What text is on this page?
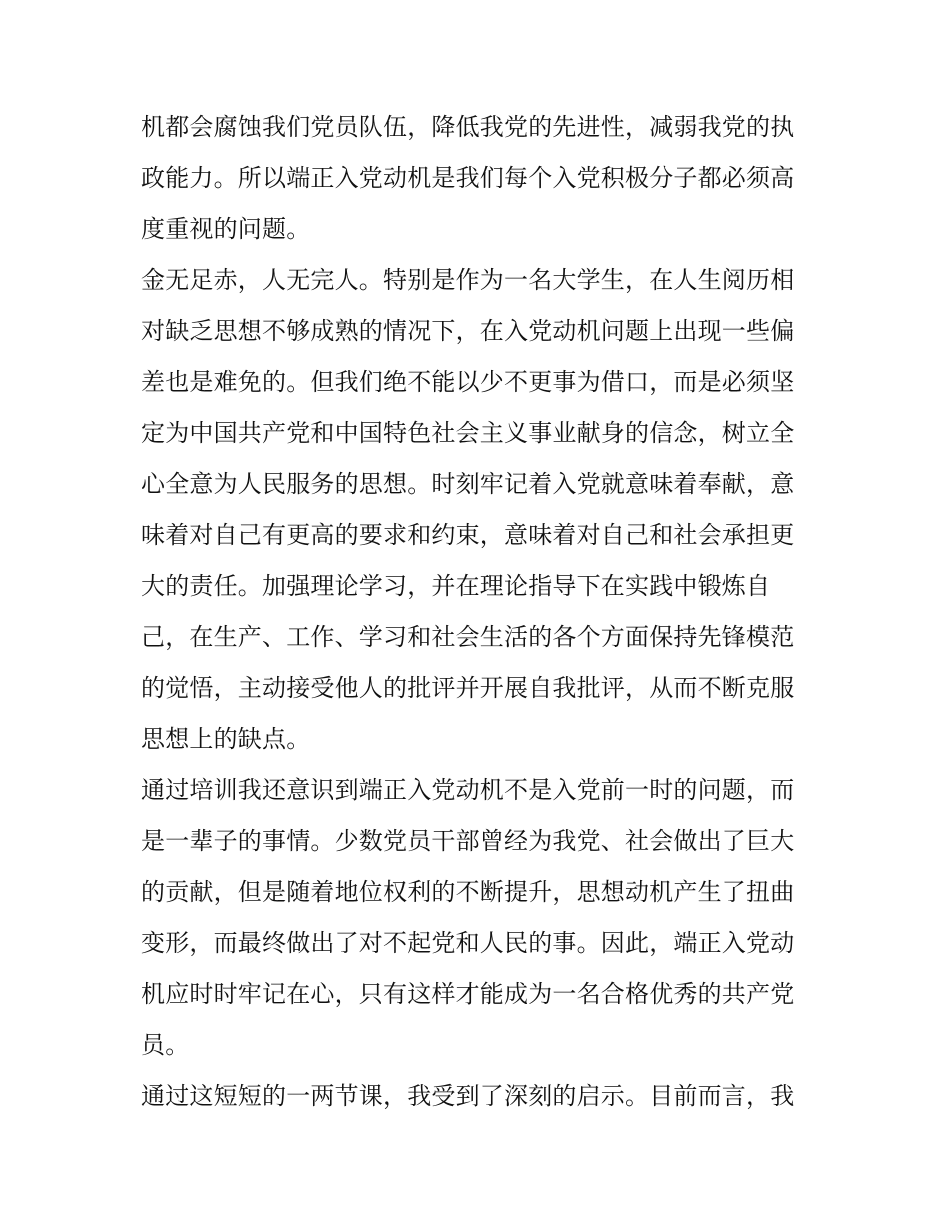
机都会腐蚀我们党员队伍，降低我党的先进性，减弱我党的执
政能力。所以端正入党动机是我们每个入党积极分子都必须高
度重视的问题。
金无足赤，人无完人。特别是作为一名大学生，在人生阅历相
对缺乏思想不够成熟的情况下，在入党动机问题上出现一些偏
差也是难免的。但我们绝不能以少不更事为借口，而是必须坚
定为中国共产党和中国特色社会主义事业献身的信念，树立全
心全意为人民服务的思想。时刻牢记着入党就意味着奉献，意
味着对自己有更高的要求和约束，意味着对自己和社会承担更
大的责任。加强理论学习，并在理论指导下在实践中锻炼自
己，在生产、工作、学习和社会生活的各个方面保持先锋模范
的觉悟，主动接受他人的批评并开展自我批评，从而不断克服
思想上的缺点。
通过培训我还意识到端正入党动机不是入党前一时的问题，而
是一辈子的事情。少数党员干部曾经为我党、社会做出了巨大
的贡献，但是随着地位权利的不断提升，思想动机产生了扭曲
变形，而最终做出了对不起党和人民的事。因此，端正入党动
机应时时牢记在心，只有这样才能成为一名合格优秀的共产党
员。
通过这短短的一两节课，我受到了深刻的启示。目前而言，我
